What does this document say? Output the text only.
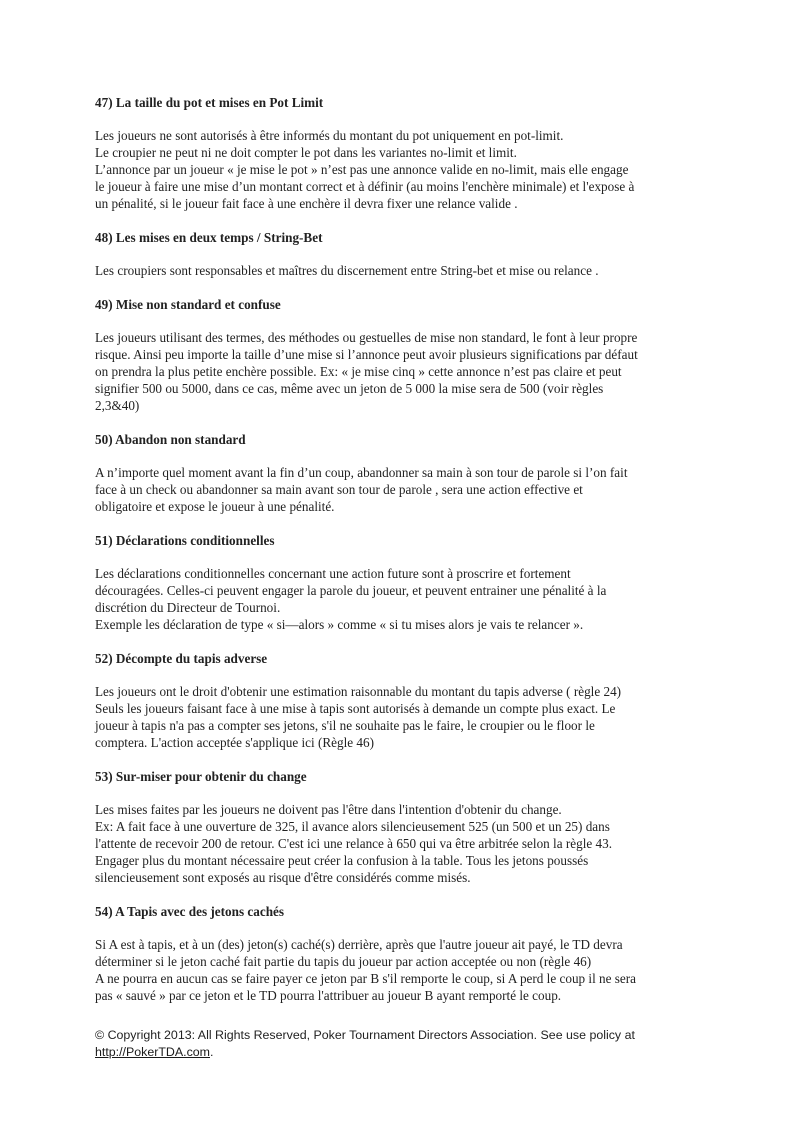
47) La taille du pot et mises en Pot Limit

Les joueurs ne sont autorisés à être informés du montant du pot uniquement en pot-limit.
Le croupier ne peut ni ne doit compter le pot dans les variantes no-limit et limit.
L’annonce par un joueur « je mise le pot » n’est pas une annonce valide en no-limit, mais elle engage
le joueur à faire une mise d’un montant correct et à définir (au moins l'enchère minimale) et l'expose à
un pénalité, si le joueur fait face à une enchère il devra fixer une relance valide .

48) Les mises en deux temps / String-Bet

Les croupiers sont responsables et maîtres du discernement entre String-bet et mise ou relance .

49) Mise non standard et confuse

Les joueurs utilisant des termes, des méthodes ou gestuelles de mise non standard, le font à leur propre
risque. Ainsi peu importe la taille d’une mise si l’annonce peut avoir plusieurs significations par défaut
on prendra la plus petite enchère possible. Ex: « je mise cinq » cette annonce n’est pas claire et peut
signifier 500 ou 5000, dans ce cas, même avec un jeton de 5 000 la mise sera de 500 (voir règles
2,3&40)

50) Abandon non standard

A n’importe quel moment avant la fin d’un coup, abandonner sa main à son tour de parole si l’on fait
face à un check ou abandonner sa main avant son tour de parole , sera une action effective et
obligatoire et expose le joueur à une pénalité.

51) Déclarations conditionnelles

Les déclarations conditionnelles concernant une action future sont à proscrire et fortement
découragées. Celles-ci peuvent engager la parole du joueur, et peuvent entrainer une pénalité à la
discrétion du Directeur de Tournoi.
Exemple les déclaration de type « si—alors » comme « si tu mises alors je vais te relancer ».

52) Décompte du tapis adverse

Les joueurs ont le droit d'obtenir une estimation raisonnable du montant du tapis adverse ( règle 24)
Seuls les joueurs faisant face à une mise à tapis sont autorisés à demande un compte plus exact. Le
joueur à tapis n'a pas a compter ses jetons, s'il ne souhaite pas le faire, le croupier ou le floor le
comptera. L'action acceptée s'applique ici (Règle 46)

53) Sur-miser pour obtenir du change

Les mises faites par les joueurs ne doivent pas l'être dans l'intention d'obtenir du change.
Ex: A fait face à une ouverture de 325, il avance alors silencieusement 525 (un 500 et un 25) dans
l'attente de recevoir 200 de retour. C'est ici une relance à 650 qui va être arbitrée selon la règle 43.
Engager plus du montant nécessaire peut créer la confusion à la table. Tous les jetons poussés
silencieusement sont exposés au risque d'être considérés comme misés.

54) A Tapis avec des jetons cachés

Si A est à tapis, et à un (des) jeton(s) caché(s) derrière, après que l'autre joueur ait payé, le TD devra
déterminer si le jeton caché fait partie du tapis du joueur par action acceptée ou non (règle 46)
A ne pourra en aucun cas se faire payer ce jeton par B s'il remporte le coup, si A perd le coup il ne sera
pas « sauvé » par ce jeton et le TD pourra l'attribuer au joueur B ayant remporté le coup.

© Copyright 2013: All Rights Reserved, Poker Tournament Directors Association. See use policy at
http://PokerTDA.com.
